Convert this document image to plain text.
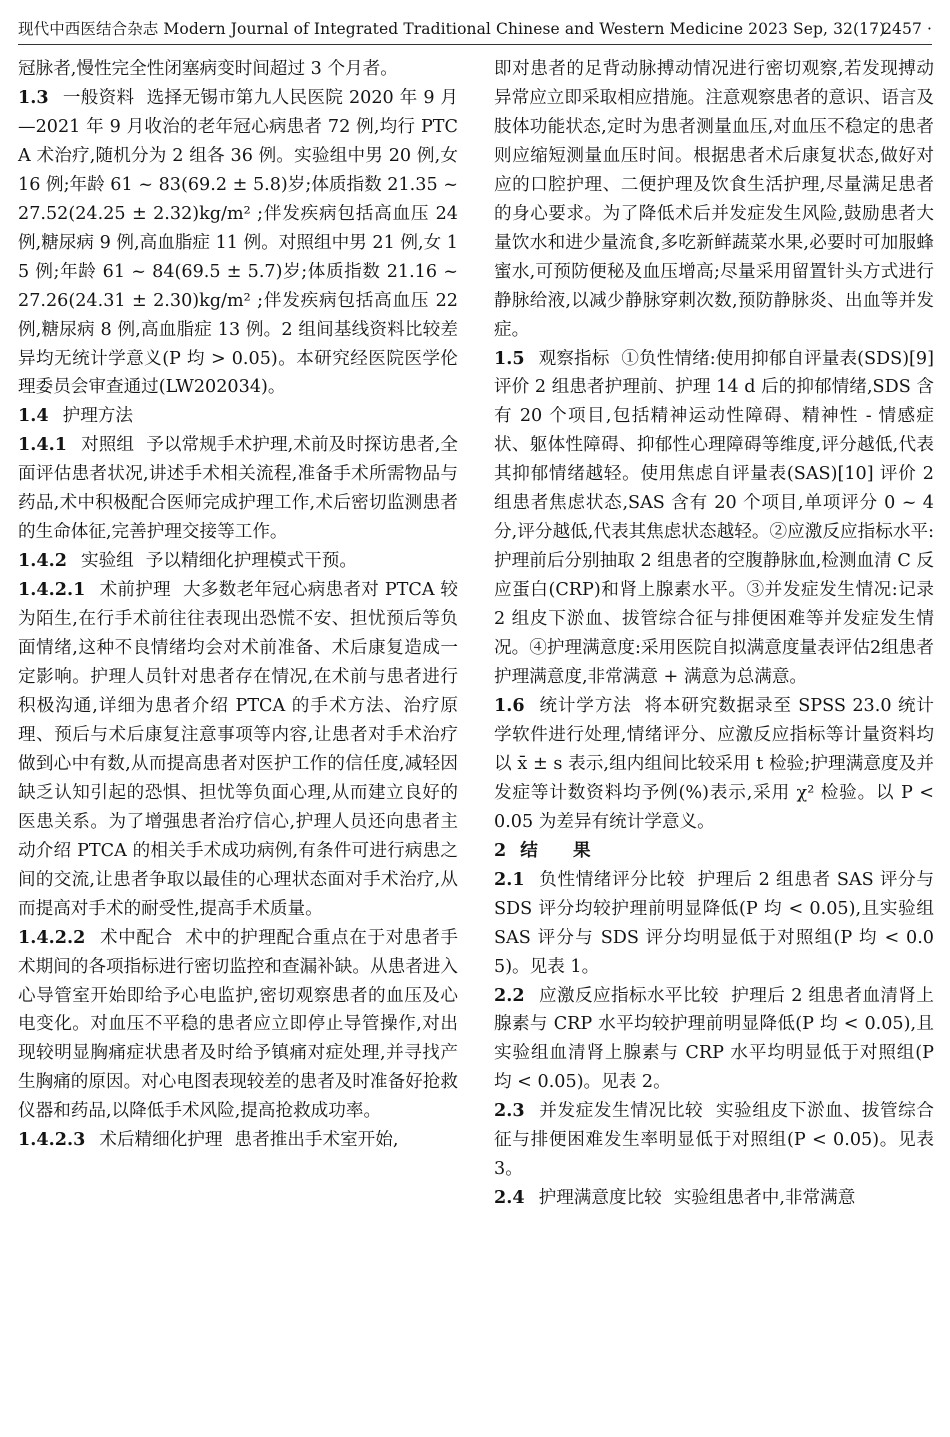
现代中西医结合杂志 Modern Journal of Integrated Traditional Chinese and Western Medicine 2023 Sep, 32(17)
· 2457 ·

冠脉者,慢性完全性闭塞病变时间超过 3 个月者。

1.3 一般资料 选择无锡市第九人民医院 2020 年 9 月—2021 年 9 月收治的老年冠心病患者 72 例,均行 PTCA 术治疗,随机分为 2 组各 36 例。实验组中男 20 例,女 16 例;年龄 61 ~ 83(69.2 ± 5.8)岁;体质指数 21.35 ~ 27.52(24.25 ± 2.32)kg/m² ;伴发疾病包括高血压 24 例,糖尿病 9 例,高血脂症 11 例。对照组中男 21 例,女 15 例;年龄 61 ~ 84(69.5 ± 5.7)岁;体质指数 21.16 ~ 27.26(24.31 ± 2.30)kg/m² ;伴发疾病包括高血压 22 例,糖尿病 8 例,高血脂症 13 例。2 组间基线资料比较差异均无统计学意义(P 均 > 0.05)。本研究经医院医学伦理委员会审查通过(LW202034)。

1.4 护理方法

1.4.1 对照组 予以常规手术护理,术前及时探访患者,全面评估患者状况,讲述手术相关流程,准备手术所需物品与药品,术中积极配合医师完成护理工作,术后密切监测患者的生命体征,完善护理交接等工作。

1.4.2 实验组 予以精细化护理模式干预。

1.4.2.1 术前护理 大多数老年冠心病患者对 PTCA 较为陌生,在行手术前往往表现出恐慌不安、担忧预后等负面情绪,这种不良情绪均会对术前准备、术后康复造成一定影响。护理人员针对患者存在情况,在术前与患者进行积极沟通,详细为患者介绍 PTCA 的手术方法、治疗原理、预后与术后康复注意事项等内容,让患者对手术治疗做到心中有数,从而提高患者对医护工作的信任度,减轻因缺乏认知引起的恐惧、担忧等负面心理,从而建立良好的医患关系。为了增强患者治疗信心,护理人员还向患者主动介绍 PTCA 的相关手术成功病例,有条件可进行病患之间的交流,让患者争取以最佳的心理状态面对手术治疗,从而提高对手术的耐受性,提高手术质量。

1.4.2.2 术中配合 术中的护理配合重点在于对患者手术期间的各项指标进行密切监控和查漏补缺。从患者进入心导管室开始即给予心电监护,密切观察患者的血压及心电变化。对血压不平稳的患者应立即停止导管操作,对出现较明显胸痛症状患者及时给予镇痛对症处理,并寻找产生胸痛的原因。对心电图表现较差的患者及时准备好抢救仪器和药品,以降低手术风险,提高抢救成功率。

1.4.2.3 术后精细化护理 患者推出手术室开始,

即对患者的足背动脉搏动情况进行密切观察,若发现搏动异常应立即采取相应措施。注意观察患者的意识、语言及肢体功能状态,定时为患者测量血压,对血压不稳定的患者则应缩短测量血压时间。根据患者术后康复状态,做好对应的口腔护理、二便护理及饮食生活护理,尽量满足患者的身心要求。为了降低术后并发症发生风险,鼓励患者大量饮水和进少量流食,多吃新鲜蔬菜水果,必要时可加服蜂蜜水,可预防便秘及血压增高;尽量采用留置针头方式进行静脉给液,以减少静脉穿刺次数,预防静脉炎、出血等并发症。

1.5 观察指标 ①负性情绪:使用抑郁自评量表(SDS)[9] 评价 2 组患者护理前、护理 14 d 后的抑郁情绪,SDS 含有 20 个项目,包括精神运动性障碍、精神性 - 情感症状、躯体性障碍、抑郁性心理障碍等维度,评分越低,代表其抑郁情绪越轻。使用焦虑自评量表(SAS)[10] 评价 2 组患者焦虑状态,SAS 含有 20 个项目,单项评分 0 ~ 4 分,评分越低,代表其焦虑状态越轻。②应激反应指标水平:护理前后分别抽取 2 组患者的空腹静脉血,检测血清 C 反应蛋白(CRP)和肾上腺素水平。③并发症发生情况:记录 2 组皮下淤血、拔管综合征与排便困难等并发症发生情况。④护理满意度:采用医院自拟满意度量表评估2组患者护理满意度,非常满意 + 满意为总满意。

1.6 统计学方法 将本研究数据录至 SPSS 23.0 统计学软件进行处理,情绪评分、应激反应指标等计量资料均以 x̄ ± s 表示,组内组间比较采用 t 检验;护理满意度及并发症等计数资料均予例(%)表示,采用 χ² 检验。以 P < 0.05 为差异有统计学意义。

2 结　　果

2.1 负性情绪评分比较 护理后 2 组患者 SAS 评分与 SDS 评分均较护理前明显降低(P 均 < 0.05),且实验组 SAS 评分与 SDS 评分均明显低于对照组(P 均 < 0.05)。见表 1。

2.2 应激反应指标水平比较 护理后 2 组患者血清肾上腺素与 CRP 水平均较护理前明显降低(P 均 < 0.05),且实验组血清肾上腺素与 CRP 水平均明显低于对照组(P 均 < 0.05)。见表 2。

2.3 并发症发生情况比较 实验组皮下淤血、拔管综合征与排便困难发生率明显低于对照组(P < 0.05)。见表 3。

2.4 护理满意度比较 实验组患者中,非常满意
